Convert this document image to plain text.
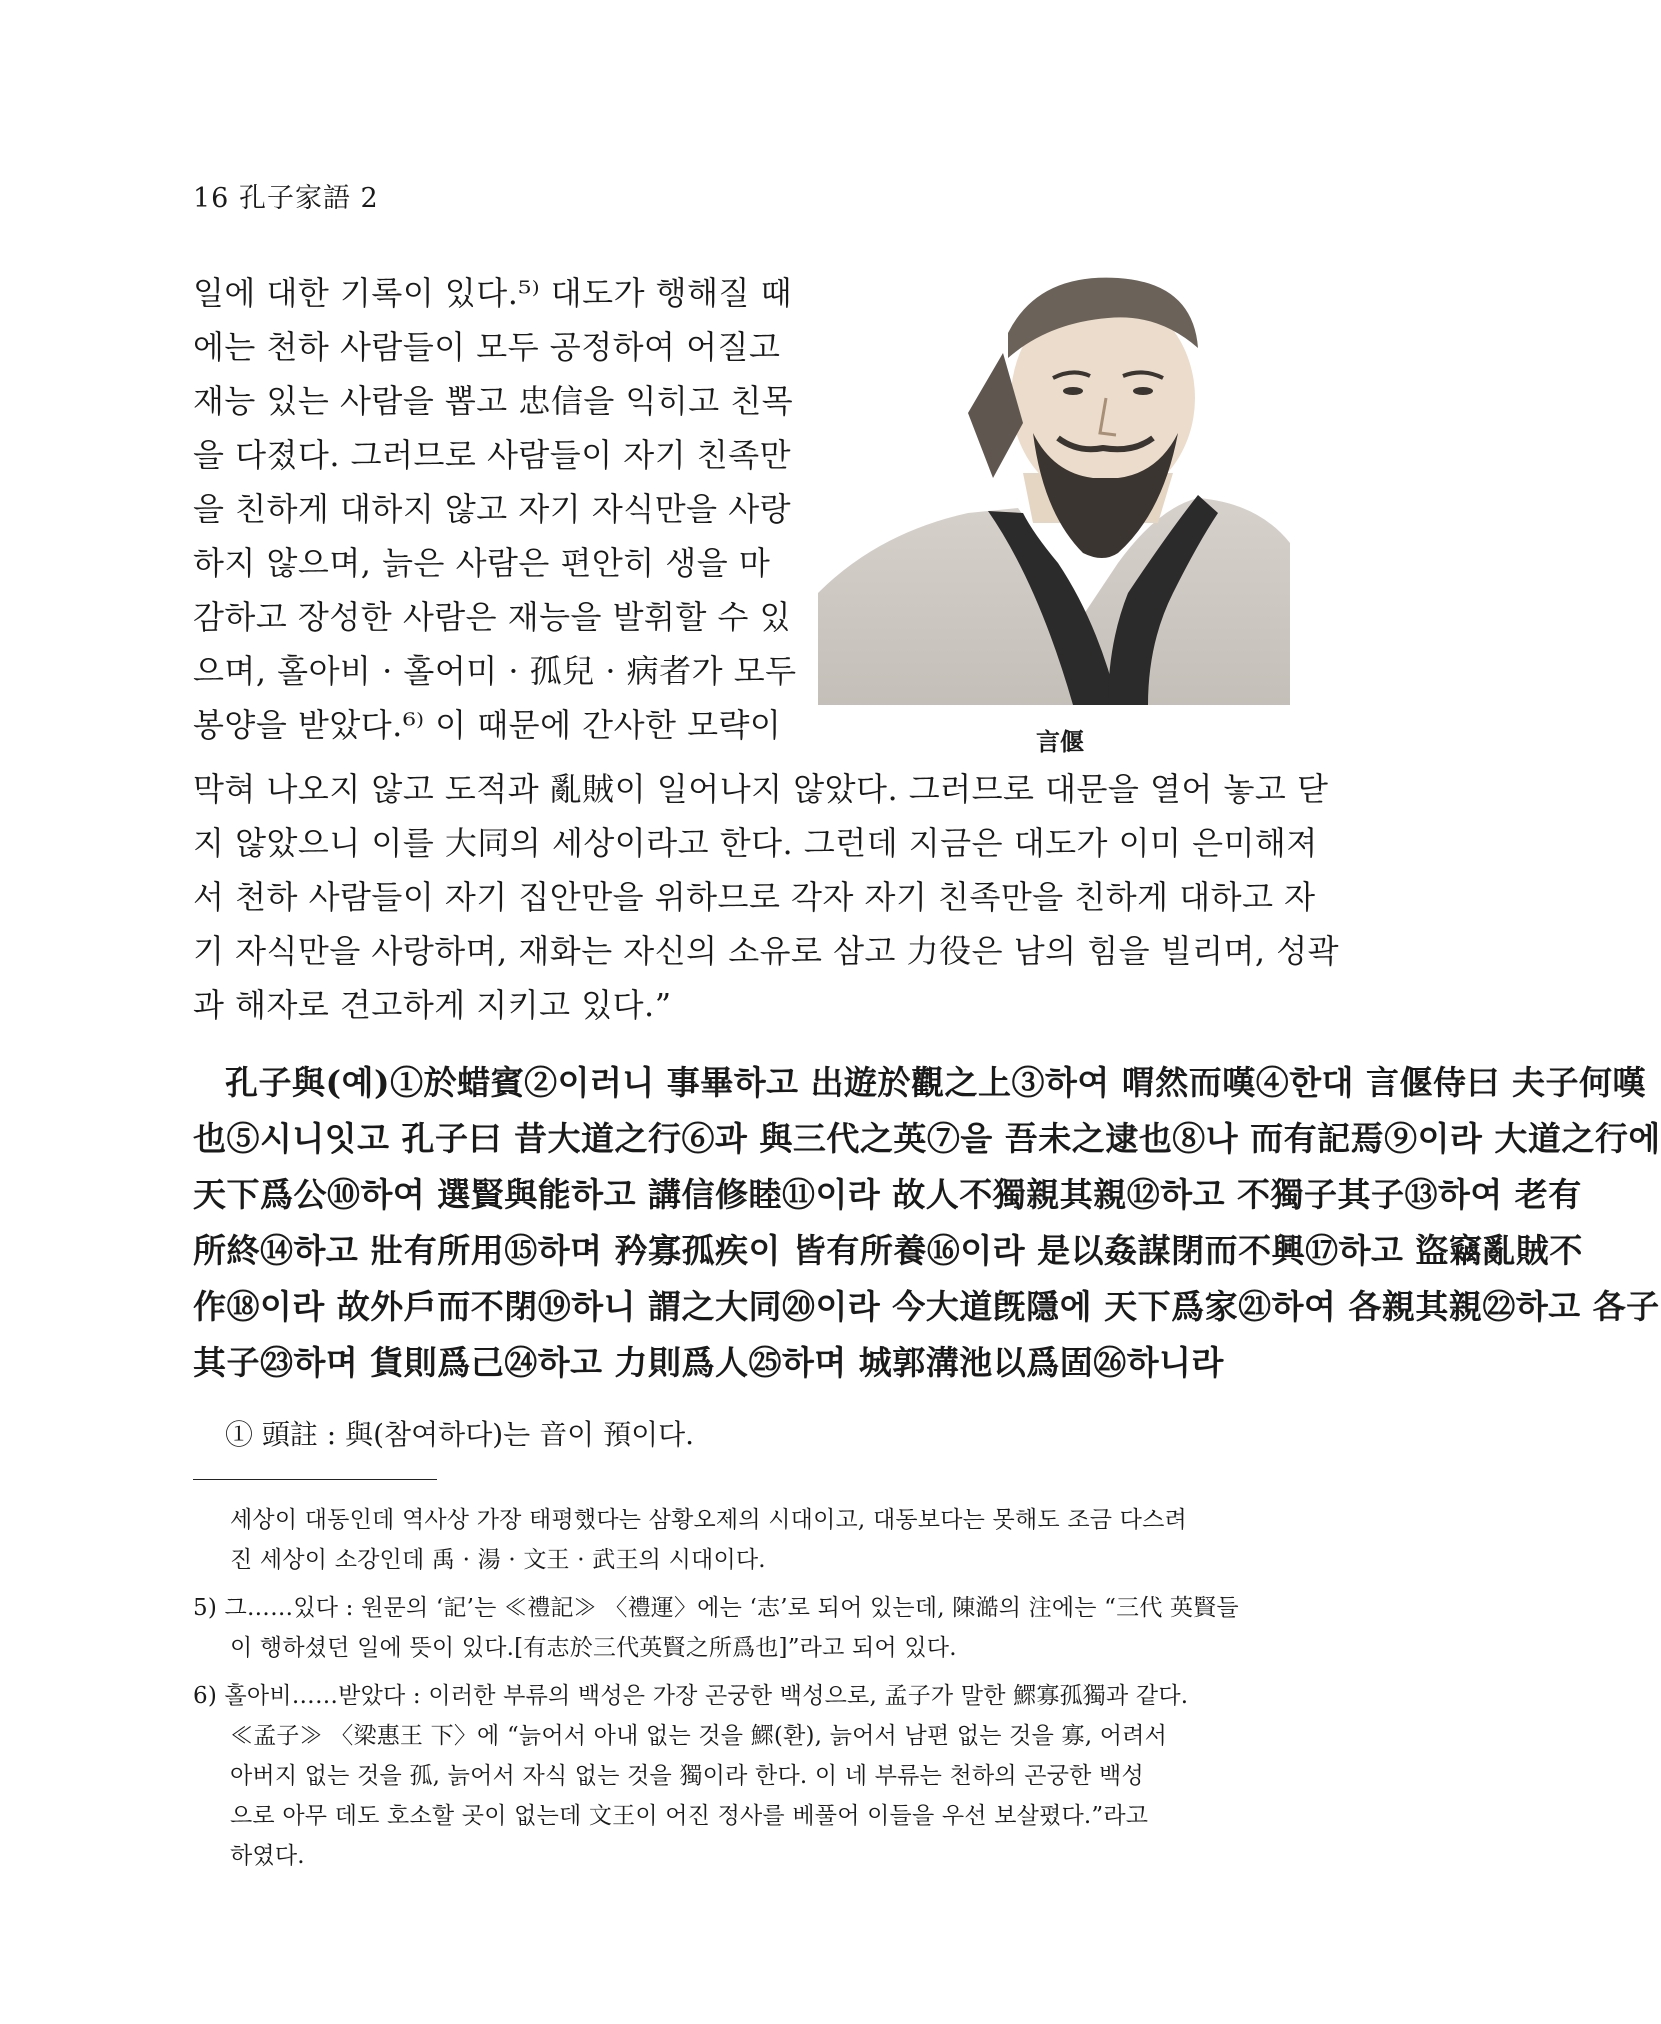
16 孔子家語 2
일에 대한 기록이 있다.⁵⁾ 대도가 행해질 때
에는 천하 사람들이 모두 공정하여 어질고
재능 있는 사람을 뽑고 忠信을 익히고 친목
을 다졌다. 그러므로 사람들이 자기 친족만
을 친하게 대하지 않고 자기 자식만을 사랑
하지 않으며, 늙은 사람은 편안히 생을 마
감하고 장성한 사람은 재능을 발휘할 수 있
으며, 홀아비 · 홀어미 · 孤兒 · 病者가 모두
봉양을 받았다.⁶⁾ 이 때문에 간사한 모략이	言偃
막혀 나오지 않고 도적과 亂賊이 일어나지 않았다. 그러므로 대문을 열어 놓고 닫
지 않았으니 이를 大同의 세상이라고 한다. 그런데 지금은 대도가 이미 은미해져
서 천하 사람들이 자기 집안만을 위하므로 각자 자기 친족만을 친하게 대하고 자
기 자식만을 사랑하며, 재화는 자신의 소유로 삼고 力役은 남의 힘을 빌리며, 성곽
과 해자로 견고하게 지키고 있다.”
孔子與(예)①於蜡賓②이러니 事畢하고 出遊於觀之上③하여 喟然而嘆④한대 言偃侍曰 夫子何嘆
也⑤시니잇고 孔子曰 昔大道之行⑥과 與三代之英⑦을 吾未之逮也⑧나 而有記焉⑨이라 大道之行에
天下爲公⑩하여 選賢與能하고 講信修睦⑪이라 故人不獨親其親⑫하고 不獨子其子⑬하여 老有
所終⑭하고 壯有所用⑮하며 矜寡孤疾이 皆有所養⑯이라 是以姦謀閉而不興⑰하고 盜竊亂賊不
作⑱이라 故外戶而不閉⑲하니 謂之大同⑳이라 今大道旣隱에 天下爲家㉑하여 各親其親㉒하고 各子
其子㉓하며 貨則爲己㉔하고 力則爲人㉕하며 城郭溝池以爲固㉖하니라
① 頭註 : 與(참여하다)는 音이 預이다.
세상이 대동인데 역사상 가장 태평했다는 삼황오제의 시대이고, 대동보다는 못해도 조금 다스려
진 세상이 소강인데 禹 · 湯 · 文王 · 武王의 시대이다.
5) 그……있다 : 원문의 ‘記’는 ≪禮記≫ 〈禮運〉에는 ‘志’로 되어 있는데, 陳澔의 注에는 “三代 英賢들
이 행하셨던 일에 뜻이 있다.[有志於三代英賢之所爲也]”라고 되어 있다.
6) 홀아비……받았다 : 이러한 부류의 백성은 가장 곤궁한 백성으로, 孟子가 말한 鰥寡孤獨과 같다.
≪孟子≫ 〈梁惠王 下〉에 “늙어서 아내 없는 것을 鰥(환), 늙어서 남편 없는 것을 寡, 어려서
아버지 없는 것을 孤, 늙어서 자식 없는 것을 獨이라 한다. 이 네 부류는 천하의 곤궁한 백성
으로 아무 데도 호소할 곳이 없는데 文王이 어진 정사를 베풀어 이들을 우선 보살폈다.”라고
하였다.
